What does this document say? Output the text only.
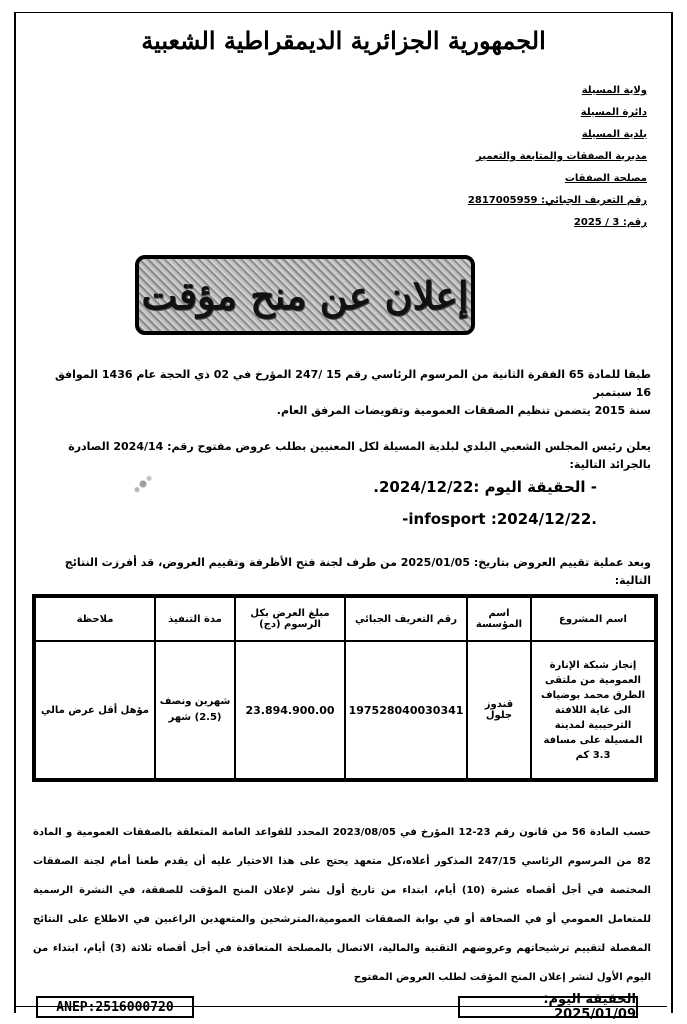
الجمهورية الجزائرية الديمقراطية الشعبية
ولاية المسيلة
دائرة المسيلة
بلدية المسيلة
مديرية الصفقات والمتابعة والتعمير
مصلحة الصفقات
رقم التعريف الجبائي: 2817005959
رقم: 3 / 2025
إعلان عن منح مؤقت
طبقا للمادة 65 الفقرة الثانية من المرسوم الرئاسي رقم 15 /247 المؤرخ في 02 ذي الحجة عام 1436 الموافق 16 سبتمبر
سنة 2015 يتضمن تنظيم الصفقات العمومية وتفويضات المرفق العام.
يعلن رئيس المجلس الشعبي البلدي لبلدية المسيلة لكل المعنيين بطلب عروض مفتوح رقم: 2024/14 الصادرة بالجرائد التالية:
- الحقيقة اليوم :2024/12/22.
.2024/12/22: infosport-
وبعد عملية تقييم العروض بتاريخ: 2025/01/05 من طرف لجنة فتح الأظرفة وتقييم العروض، قد أفرزت النتائج التالية:
اسم المشروع	اسم المؤسسة	رقم التعريف الجبائي	مبلغ العرض بكل الرسوم (دج)	مدة التنفيذ	ملاحظة
إنجاز شبكة الإنارة العمومية من ملتقى الطرق محمد بوضياف الى غاية اللافتة الترحيبية لمدينة المسيلة على مسافة 3.3 كم	قندوز جلول	197528040030341	23.894.900.00	شهرين ونصف (2.5) شهر	مؤهل أقل عرض مالي
حسب المادة 56 من قانون رقم 23-12 المؤرخ في 2023/08/05 المحدد للقواعد العامة المتعلقة بالصفقات العمومية و المادة 82 من المرسوم الرئاسي 247/15 المذكور أعلاه،كل متعهد يحتج على هذا الاختيار عليه أن يقدم طعنا أمام لجنة الصفقات المختصة في أجل أقصاه عشرة (10) أيام، ابتداء من تاريخ أول نشر لإعلان المنح المؤقت للصفقة، في النشرة الرسمية للمتعامل العمومي أو في الصحافة أو في بوابة الصفقات العمومية،المترشحين والمتعهدين الراغبين في الاطلاع على النتائج المفصلة لتقييم ترشيحاتهم وعروضهم التقنية والمالية، الاتصال بالمصلحة المتعاقدة في أجل أقصاه ثلاثة (3) أيام، ابتداء من اليوم الأول لنشر إعلان المنح المؤقت لطلب العروض المفتوح
ANEP:2516000720	الحقيقة اليوم: 2025/01/09
